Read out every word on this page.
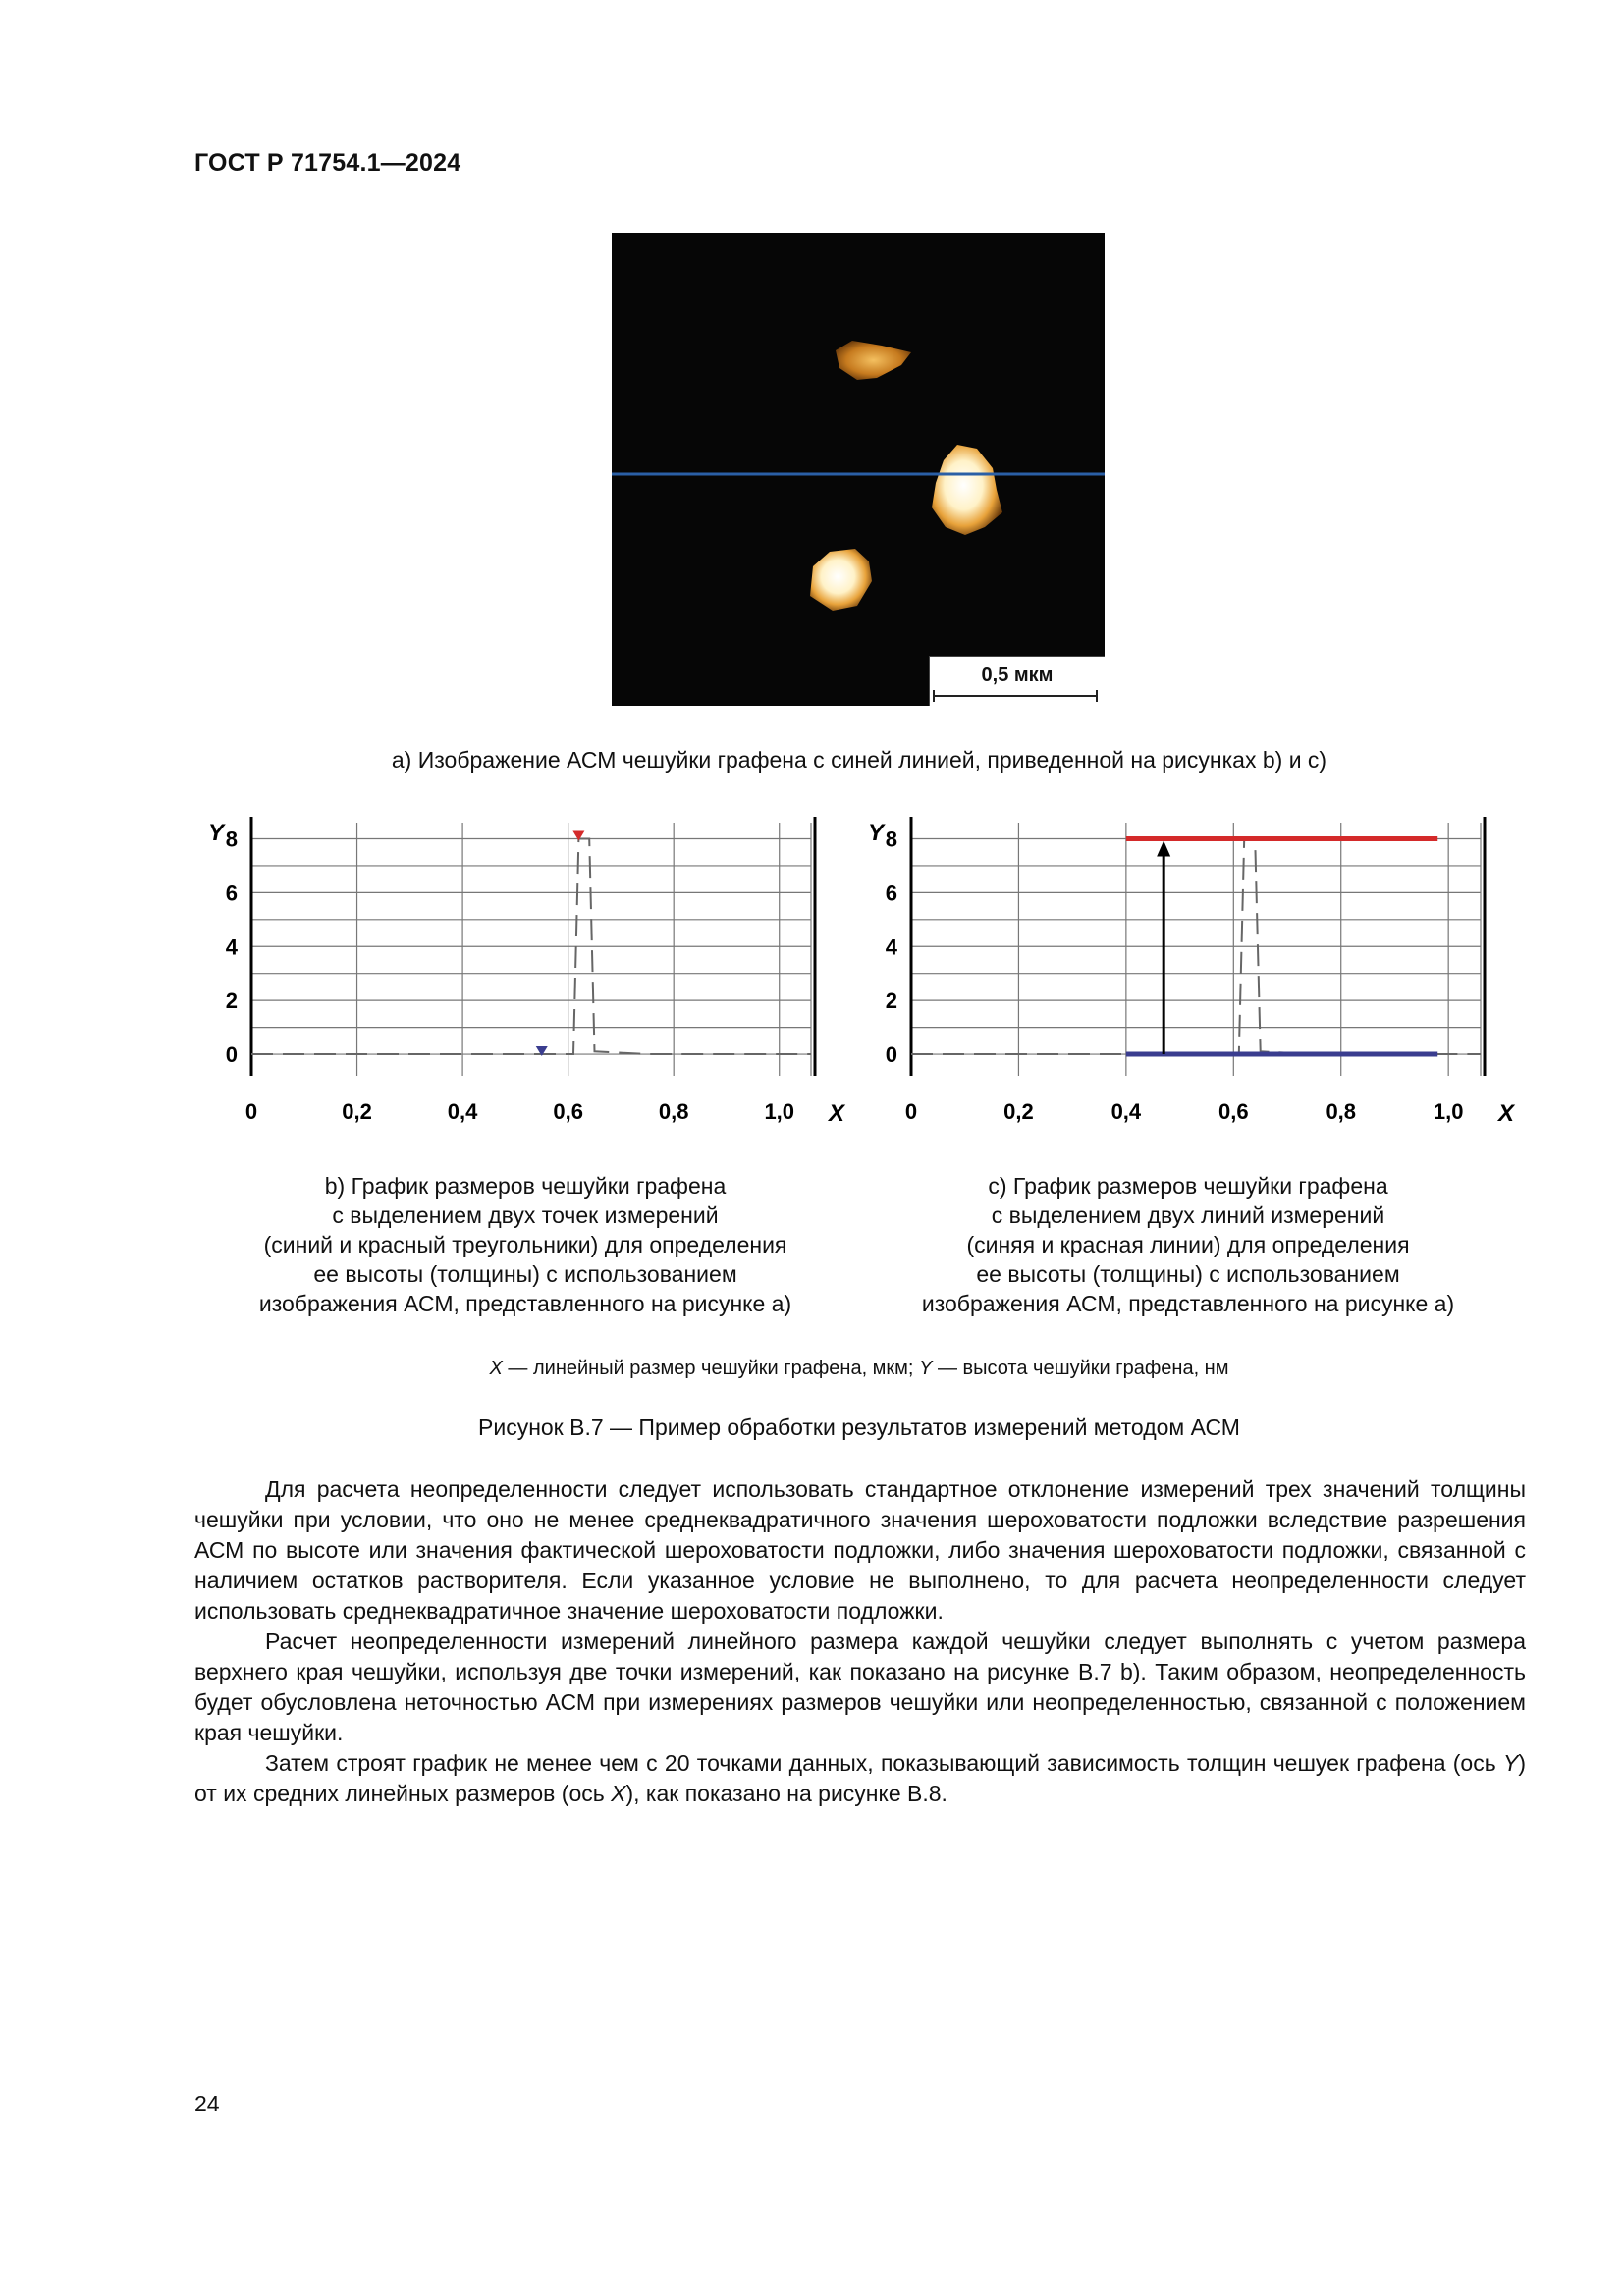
ГОСТ Р 71754.1—2024
0,5 мкм
а) Изображение АСМ чешуйки графена с синей линией, приведенной на рисунках b) и c)
0
2
4
6
8
0	0,2	0,4	0,6	0,8	1,0
Y
X
0
2
4
6
8
0	0,2	0,4	0,6	0,8	1,0
Y
X
b) График размеров чешуйки графена
с выделением двух точек измерений
(синий и красный треугольники) для определения
ее высоты (толщины) с использованием
изображения АСМ, представленного на рисунке а)
c) График размеров чешуйки графена
с выделением двух линий измерений
(синяя и красная линии) для определения
ее высоты (толщины) с использованием
изображения АСМ, представленного на рисунке а)
X — линейный размер чешуйки графена, мкм; Y — высота чешуйки графена, нм
Рисунок В.7 — Пример обработки результатов измерений методом АСМ

Для расчета неопределенности следует использовать стандартное отклонение измерений трех значений толщины чешуйки при условии, что оно не менее среднеквадратичного значения шероховатости подложки вследствие разрешения АСМ по высоте или значения фактической шероховатости подложки, либо значения шероховатости подложки, связанной с наличием остатков растворителя. Если указанное условие не выполнено, то для расчета неопределенности следует использовать среднеквадратичное значение шероховатости подложки.

Расчет неопределенности измерений линейного размера каждой чешуйки следует выполнять с учетом размера верхнего края чешуйки, используя две точки измерений, как показано на рисунке В.7 b). Таким образом, неопределенность будет обусловлена неточностью АСМ при измерениях размеров чешуйки или неопределенностью, связанной с положением края чешуйки.

Затем строят график не менее чем с 20 точками данных, показывающий зависимость толщин чешуек графена (ось Y) от их средних линейных размеров (ось X), как показано на рисунке В.8.

24
